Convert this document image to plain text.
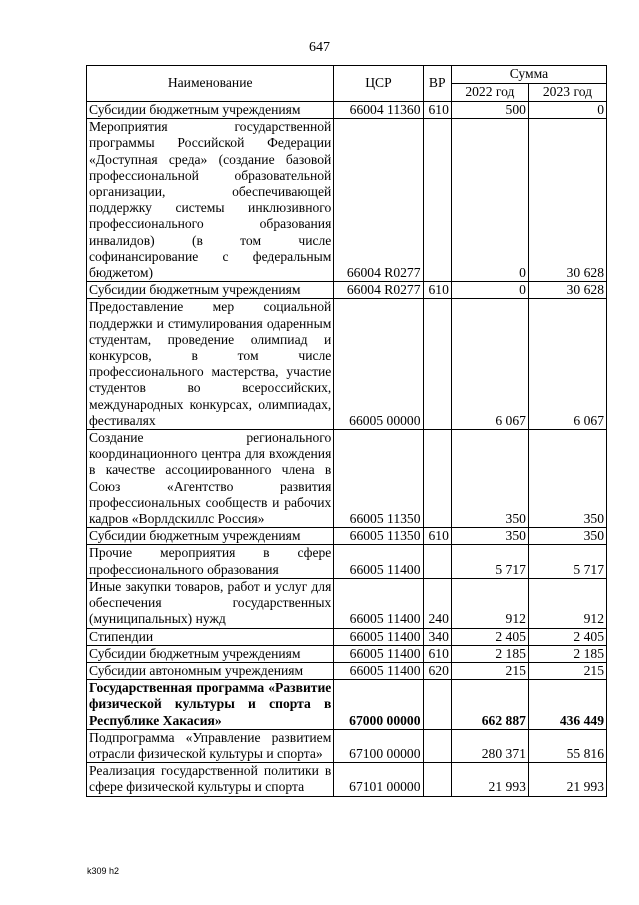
647
Наименование	ЦСР	ВР	Сумма	
			2022 год	2023 год
Субсидии бюджетным учреждениям	66004 11360	610	500	0
Мероприятия государственной программы Российской Федерации «Доступная среда» (создание базовой профессиональной образовательной организации, обеспечивающей поддержку системы инклюзивного профессионального образования инвалидов) (в том числе софинансирование с федеральным бюджетом)	66004 R0277		0	30 628
Субсидии бюджетным учреждениям	66004 R0277	610	0	30 628
Предоставление мер социальной поддержки и стимулирования одаренным студентам, проведение олимпиад и конкурсов, в том числе профессионального мастерства, участие студентов во всероссийских, международных конкурсах, олимпиадах, фестивалях	66005 00000		6 067	6 067
Создание регионального координационного центра для вхождения в качестве ассоциированного члена в Союз «Агентство развития профессиональных сообществ и рабочих кадров «Ворлдскиллс Россия»	66005 11350		350	350
Субсидии бюджетным учреждениям	66005 11350	610	350	350
Прочие мероприятия в сфере профессионального образования	66005 11400		5 717	5 717
Иные закупки товаров, работ и услуг для обеспечения государственных (муниципальных) нужд	66005 11400	240	912	912
Стипендии	66005 11400	340	2 405	2 405
Субсидии бюджетным учреждениям	66005 11400	610	2 185	2 185
Субсидии автономным учреждениям	66005 11400	620	215	215
Государственная программа «Развитие физической культуры и спорта в Республике Хакасия»	67000 00000		662 887	436 449
Подпрограмма «Управление развитием отрасли физической культуры и спорта»	67100 00000		280 371	55 816
Реализация государственной политики в сфере физической культуры и спорта	67101 00000		21 993	21 993
k309 h2
